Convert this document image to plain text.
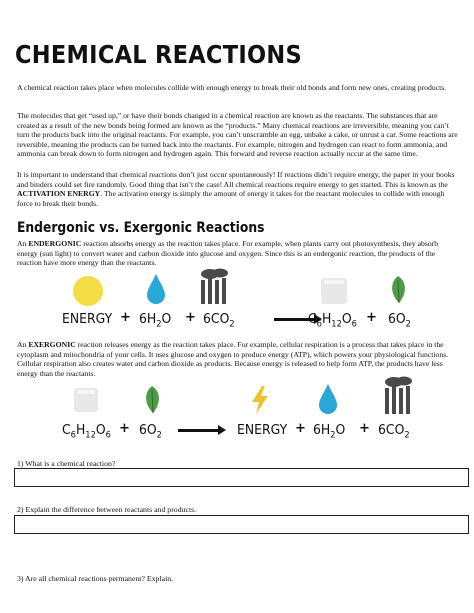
CHEMICAL REACTIONS

A chemical reaction takes place when molecules collide with enough energy to break their old bonds and form new ones, creating products.

The molecules that get “used up,” or have their bonds changed in a chemical reaction are known as the reactants. The substances that are created as a result of the new bonds being formed are known as the “products.” Many chemical reactions are irreversible, meaning you can’t turn the products back into the original reactants. For example, you can’t unscramble an egg, unbake a cake, or unrust a car. Some reactions are reversible, meaning the products can be turned back into the reactants. For example, nitrogen and hydrogen can react to form ammonia, and ammonia can break down to form nitrogen and hydrogen again. This forward and reverse reaction actually occur at the same time.

It is important to understand that chemical reactions don’t just occur spontaneously! If reactions didn’t require energy, the paper in your books and binders could set fire randomly. Good thing that isn’t the case! All chemical reactions require energy to get started. This is known as the ACTIVATION ENERGY. The activation energy is simply the amount of energy it takes for the reactant molecules to collide with enough force to break their bonds.

Endergonic vs. Exergonic Reactions

An ENDERGONIC reaction absorbs energy as the reaction takes place. For example, when plants carry out photosynthesis, they absorb energy (sun light) to convert water and carbon dioxide into glucose and oxygen. Since this is an endergonic reaction, the products of the reaction have more energy than the reactants.

ENERGY + $6H_2O + 6CO_2$	$C_6H_{12}O_6 + 6O_2$

An EXERGONIC reaction releases energy as the reaction takes place. For example, cellular respiration is a process that takes place in the cytoplasm and mitochondria of your cells. It uses glucose and oxygen to produce energy (ATP), which powers your physiological functions. Cellular respiration also creates water and carbon dioxide as products. Because energy is released to help form ATP, the products have less energy than the reactants.

$C_6H_{12}O_6 + 6O_2$	ENERGY + $6H_2O + 6CO_2$
1) What is a chemical reaction?
2) Explain the difference between reactants and products.
3) Are all chemical reactions permanent? Explain.
